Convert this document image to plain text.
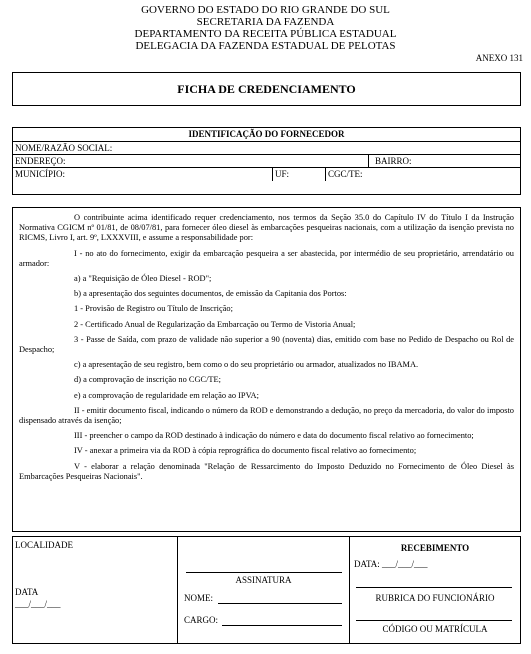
GOVERNO DO ESTADO DO RIO GRANDE DO SUL
SECRETARIA DA FAZENDA
DEPARTAMENTO DA RECEITA PÚBLICA ESTADUAL
DELEGACIA DA FAZENDA ESTADUAL DE PELOTAS
ANEXO 131
FICHA DE CREDENCIAMENTO
IDENTIFICAÇÃO DO FORNECEDOR
NOME/RAZÃO SOCIAL:
ENDEREÇO:	BAIRRO:
MUNICÍPIO:	UF:	CGC/TE:

O contribuinte acima identificado requer credenciamento, nos termos da Seção 35.0 do Capítulo IV do Título I da Instrução Normativa CGICM nº 01/81, de 08/07/81, para fornecer óleo diesel às embarcações pesqueiras nacionais, com a utilização da isenção prevista no RICMS, Livro I, art. 9º, LXXXVIII, e assume a responsabilidade por:

I - no ato do fornecimento, exigir da embarcação pesqueira a ser abastecida, por intermédio de seu proprietário, arrendatário ou armador:

a) a "Requisição de Óleo Diesel - ROD";

b) a apresentação dos seguintes documentos, de emissão da Capitania dos Portos:

1 - Provisão de Registro ou Título de Inscrição;

2 - Certificado Anual de Regularização da Embarcação ou Termo de Vistoria Anual;

3 - Passe de Saída, com prazo de validade não superior a 90 (noventa) dias, emitido com base no Pedido de Despacho ou Rol de Despacho;

c) a apresentação de seu registro, bem como o do seu proprietário ou armador, atualizados no IBAMA.

d) a comprovação de inscrição no CGC/TE;

e) a comprovação de regularidade em relação ao IPVA;

II - emitir documento fiscal, indicando o número da ROD e demonstrando a dedução, no preço da mercadoria, do valor do imposto dispensado através da isenção;

III - preencher o campo da ROD destinado à indicação do número e data do documento fiscal relativo ao fornecimento;

IV - anexar a primeira via da ROD à cópia reprográfica do documento fiscal relativo ao fornecimento;

V - elaborar a relação denominada "Relação de Ressarcimento do Imposto Deduzido no Fornecimento de Óleo Diesel às Embarcações Pesqueiras Nacionais".

LOCALIDADE
DATA
___/___/___
ASSINATURA
NOME:
CARGO:
RECEBIMENTO
DATA: ___/___/___
RUBRICA DO FUNCIONÁRIO
CÓDIGO OU MATRÍCULA
